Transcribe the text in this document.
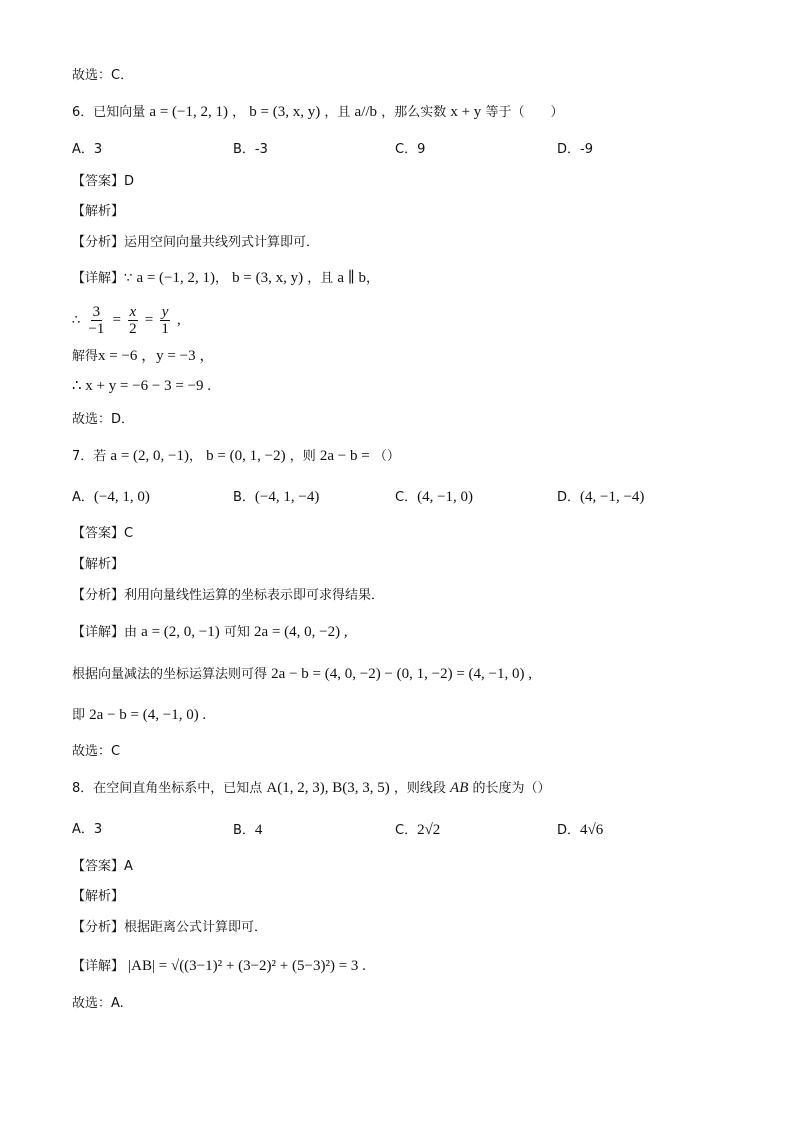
故选：C．
6．已知向量 a = (−1, 2, 1) ， b = (3, x, y) ，且 a//b ，那么实数 x + y 等于（　　）
A．3	B．-3	C．9	D．-9
【答案】D
【解析】
【分析】运用空间向量共线列式计算即可．
【详解】∵ a = (−1, 2, 1)， b = (3, x, y) ，且 a ∥ b，
∴ $\frac{3}{-1} = \frac{x}{2} = \frac{y}{1}$ ,
解得x = −6 ，y = −3 ，
∴ x + y = −6 − 3 = −9 .
故选：D．
7．若 a = (2, 0, −1)， b = (0, 1, −2) ，则 2a − b = （）
A．(−4, 1, 0)	B．(−4, 1, −4)	C．(4, −1, 0)	D．(4, −1, −4)
【答案】C
【解析】
【分析】利用向量线性运算的坐标表示即可求得结果．
【详解】由 a = (2, 0, −1) 可知 2a = (4, 0, −2) ,
根据向量减法的坐标运算法则可得 2a − b = (4, 0, −2) − (0, 1, −2) = (4, −1, 0) ,
即 2a − b = (4, −1, 0) .
故选：C
8．在空间直角坐标系中，已知点 A(1, 2, 3), B(3, 3, 5) ，则线段 AB 的长度为（）
A．3	B．4	C．2√2	D．4√6
【答案】A
【解析】
【分析】根据距离公式计算即可．
【详解】 |AB| = √((3−1)² + (3−2)² + (5−3)²) = 3 .
故选：A.
